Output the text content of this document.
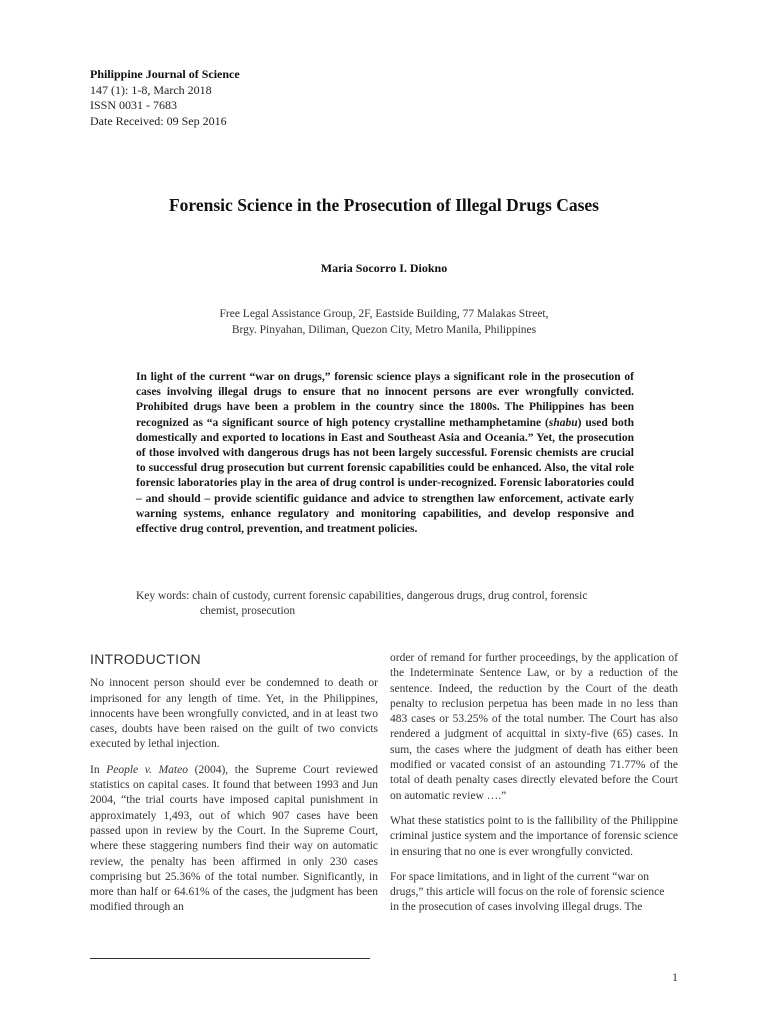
Philippine Journal of Science
147 (1): 1-8, March 2018
ISSN 0031 - 7683
Date Received: 09 Sep 2016
Forensic Science in the Prosecution of Illegal Drugs Cases
Maria Socorro I. Diokno
Free Legal Assistance Group, 2F, Eastside Building, 77 Malakas Street,
Brgy. Pinyahan, Diliman, Quezon City, Metro Manila, Philippines
In light of the current “war on drugs,” forensic science plays a significant role in the prosecution of cases involving illegal drugs to ensure that no innocent persons are ever wrongfully convicted. Prohibited drugs have been a problem in the country since the 1800s. The Philippines has been recognized as “a significant source of high potency crystalline methamphetamine (shabu) used both domestically and exported to locations in East and Southeast Asia and Oceania.” Yet, the prosecution of those involved with dangerous drugs has not been largely successful. Forensic chemists are crucial to successful drug prosecution but current forensic capabilities could be enhanced. Also, the vital role forensic laboratories play in the area of drug control is under-recognized. Forensic laboratories could – and should – provide scientific guidance and advice to strengthen law enforcement, activate early warning systems, enhance regulatory and monitoring capabilities, and develop responsive and effective drug control, prevention, and treatment policies.
Key words: chain of custody, current forensic capabilities, dangerous drugs, drug control, forensic
chemist, prosecution
INTRODUCTION

No innocent person should ever be condemned to death or imprisoned for any length of time. Yet, in the Philippines, innocents have been wrongfully convicted, and in at least two cases, doubts have been raised on the guilt of two convicts executed by lethal injection.

In People v. Mateo (2004), the Supreme Court reviewed statistics on capital cases. It found that between 1993 and Jun 2004, “the trial courts have imposed capital punishment in approximately 1,493, out of which 907 cases have been passed upon in review by the Court. In the Supreme Court, where these staggering numbers find their way on automatic review, the penalty has been affirmed in only 230 cases comprising but 25.36% of the total number. Significantly, in more than half or 64.61% of the cases, the judgment has been modified through an

order of remand for further proceedings, by the application of the Indeterminate Sentence Law, or by a reduction of the sentence. Indeed, the reduction by the Court of the death penalty to reclusion perpetua has been made in no less than 483 cases or 53.25% of the total number. The Court has also rendered a judgment of acquittal in sixty-five (65) cases. In sum, the cases where the judgment of death has either been modified or vacated consist of an astounding 71.77% of the total of death penalty cases directly elevated before the Court on automatic review ….”

What these statistics point to is the fallibility of the Philippine criminal justice system and the importance of forensic science in ensuring that no one is ever wrongfully convicted.

For space limitations, and in light of the current “war on drugs,” this article will focus on the role of forensic science
in the prosecution of cases involving illegal drugs. The

1
